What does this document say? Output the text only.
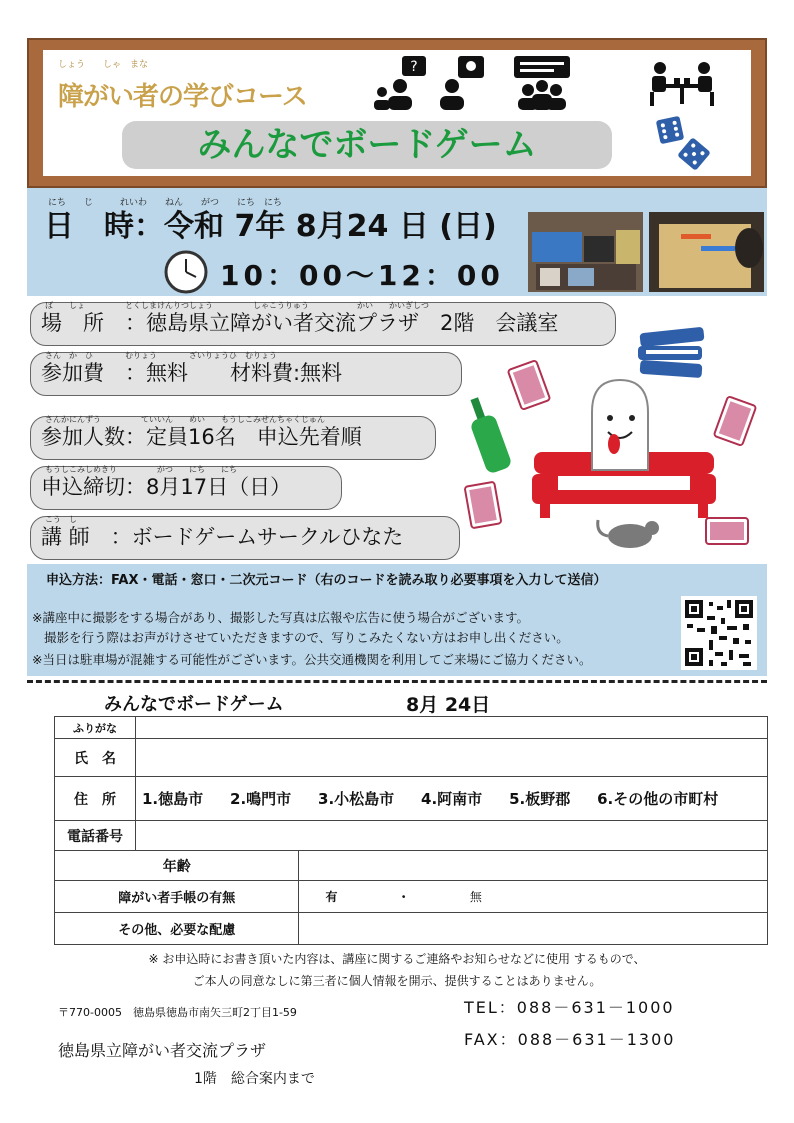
しょう　　しゃ　まな
障がい者の学びコース
?
みんなでボードゲーム
にち　　じ　　　れいわ　　ねん　　がつ　　にち　にち
日　時：令和 7年 8月24 日 (日)
10：00～12：00
ば　　しょ　　　　　とくしまけんりつしょう　　　　　しゃこうりゅう　　　　　　かい　　かいぎしつ
場　所　：徳島県立障がい者交流プラザ　2階　会議室
さん　か　ひ　　　　むりょう　　　　ざいりょうひ　むりょう
参加費　：無料　　材料費:無料
さんかにんずう　　　　　ていいん　　めい　　もうしこみせんちゃくじゅん
参加人数：定員16名　申込先着順
もうしこみしめきり　　　　　がつ　　にち　　にち
申込締切：8月17日（日）
こう　し
講 師　：ボードゲームサークルひなた
申込方法：FAX・電話・窓口・二次元コード（右のコードを読み取り必要事項を入力して送信）
※講座中に撮影をする場合があり、撮影した写真は広報や広告に使う場合がございます。
撮影を行う際はお声がけさせていただきますので、写りこみたくない方はお申し出ください。
※当日は駐車場が混雑する可能性がございます。公共交通機関を利用してご来場にご協力ください。
みんなでボードゲーム	8月 24日
ふりがな		
氏　名		
住　所	1.徳島市 2.鳴門市 3.小松島市 4.阿南市 5.板野郡 6.その他の市町村	
電話番号		
年齢		
障がい者手帳の有無		有 ・ 無
その他、必要な配慮		
※ お申込時にお書き頂いた内容は、講座に関するご連絡やお知らせなどに使用 するもので、
ご本人の同意なしに第三者に個人情報を開示、提供することはありません。
〒770-0005　徳島県徳島市南矢三町2丁目1-59
徳島県立障がい者交流プラザ
1階　総合案内まで
TEL：088－631－1000
FAX：088－631－1300
